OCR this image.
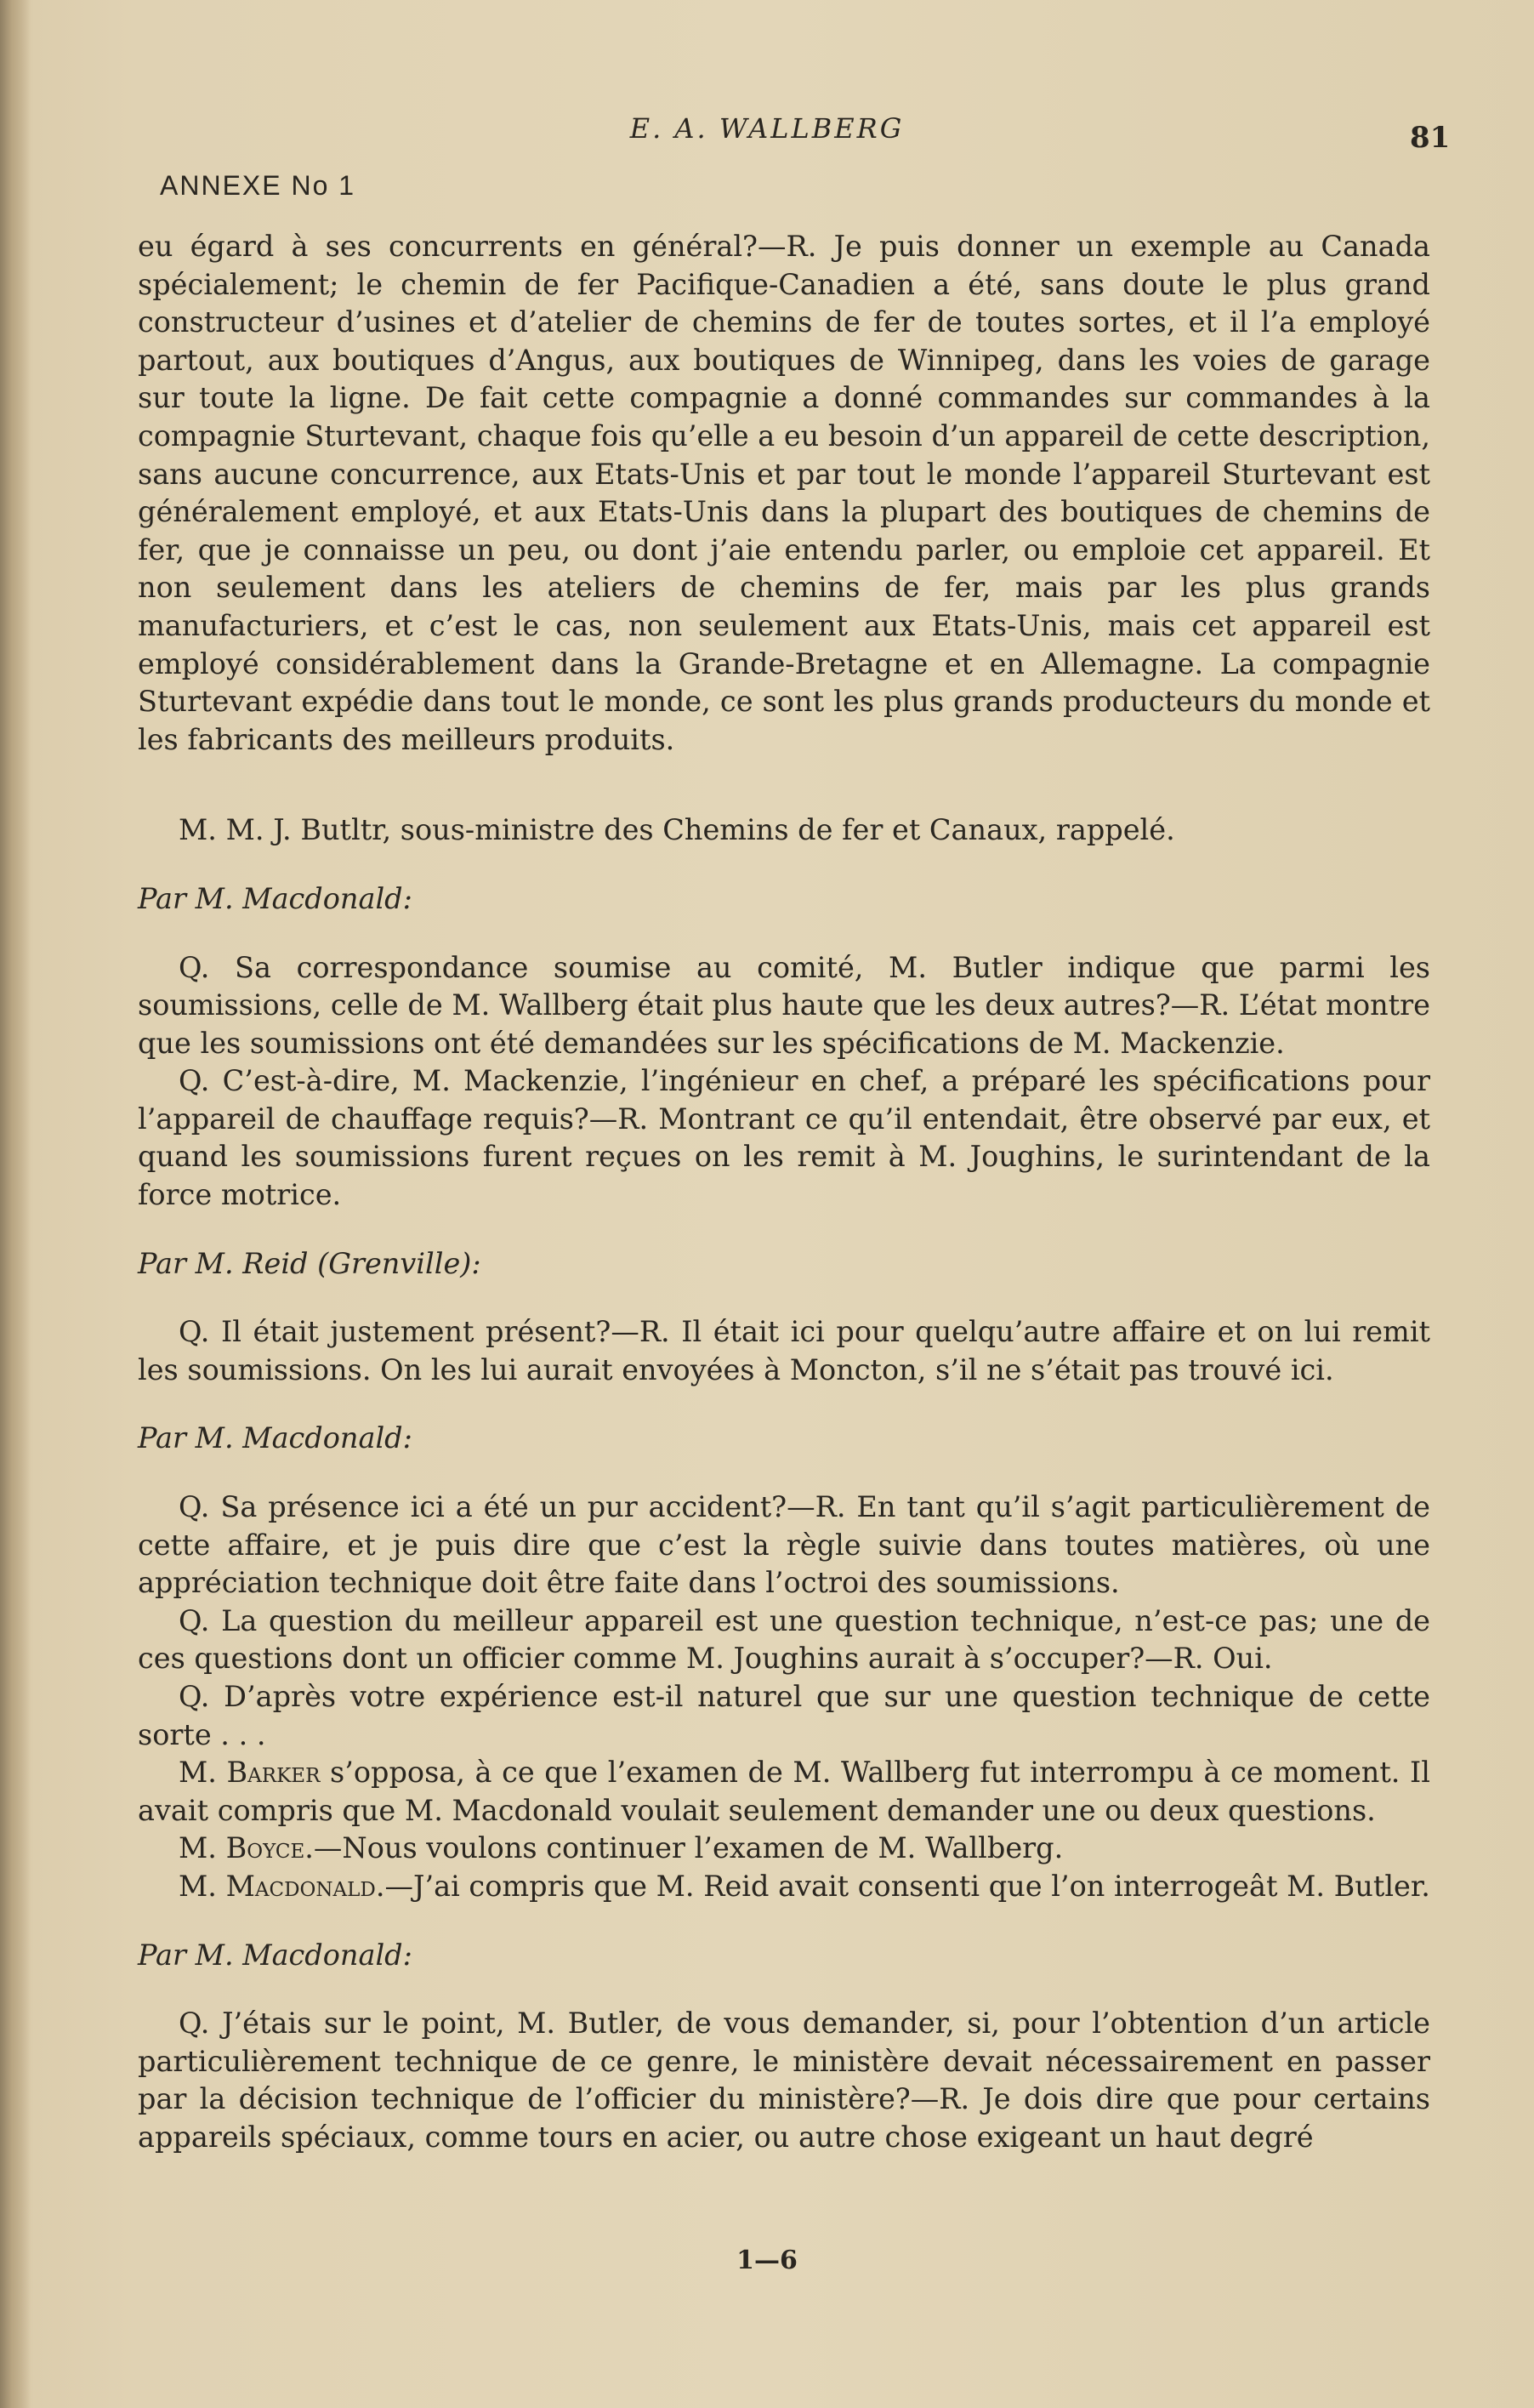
E. A. WALLBERG	81
ANNEXE No 1

eu égard à ses concurrents en général?—R. Je puis donner un exemple au Canada spécialement; le chemin de fer Pacifique-Canadien a été, sans doute le plus grand constructeur d’usines et d’atelier de chemins de fer de toutes sortes, et il l’a employé partout, aux boutiques d’Angus, aux boutiques de Winnipeg, dans les voies de garage sur toute la ligne. De fait cette compagnie a donné commandes sur commandes à la compagnie Sturtevant, chaque fois qu’elle a eu besoin d’un appareil de cette description, sans aucune concurrence, aux Etats-Unis et par tout le monde l’appareil Sturtevant est généralement employé, et aux Etats-Unis dans la plupart des boutiques de chemins de fer, que je connaisse un peu, ou dont j’aie entendu parler, ou emploie cet appareil. Et non seulement dans les ateliers de chemins de fer, mais par les plus grands manufacturiers, et c’est le cas, non seulement aux Etats-Unis, mais cet appareil est employé considérablement dans la Grande-Bretagne et en Allemagne. La compagnie Sturtevant expédie dans tout le monde, ce sont les plus grands producteurs du monde et les fabricants des meilleurs produits.

M. M. J. Butltr, sous-ministre des Chemins de fer et Canaux, rappelé.

Par M. Macdonald:

Q. Sa correspondance soumise au comité, M. Butler indique que parmi les soumissions, celle de M. Wallberg était plus haute que les deux autres?—R. L’état montre que les soumissions ont été demandées sur les spécifications de M. Mackenzie.

Q. C’est-à-dire, M. Mackenzie, l’ingénieur en chef, a préparé les spécifications pour l’appareil de chauffage requis?—R. Montrant ce qu’il entendait, être observé par eux, et quand les soumissions furent reçues on les remit à M. Joughins, le surintendant de la force motrice.

Par M. Reid (Grenville):

Q. Il était justement présent?—R. Il était ici pour quelqu’autre affaire et on lui remit les soumissions. On les lui aurait envoyées à Moncton, s’il ne s’était pas trouvé ici.

Par M. Macdonald:

Q. Sa présence ici a été un pur accident?—R. En tant qu’il s’agit particulièrement de cette affaire, et je puis dire que c’est la règle suivie dans toutes matières, où une appréciation technique doit être faite dans l’octroi des soumissions.

Q. La question du meilleur appareil est une question technique, n’est-ce pas; une de ces questions dont un officier comme M. Joughins aurait à s’occuper?—R. Oui.

Q. D’après votre expérience est-il naturel que sur une question technique de cette sorte . . .

M. Barker s’opposa, à ce que l’examen de M. Wallberg fut interrompu à ce moment. Il avait compris que M. Macdonald voulait seulement demander une ou deux questions.

M. Boyce.—Nous voulons continuer l’examen de M. Wallberg.

M. Macdonald.—J’ai compris que M. Reid avait consenti que l’on interrogeât M. Butler.

Par M. Macdonald:

Q. J’étais sur le point, M. Butler, de vous demander, si, pour l’obtention d’un article particulièrement technique de ce genre, le ministère devait nécessairement en passer par la décision technique de l’officier du ministère?—R. Je dois dire que pour certains appareils spéciaux, comme tours en acier, ou autre chose exigeant un haut degré

1—6
